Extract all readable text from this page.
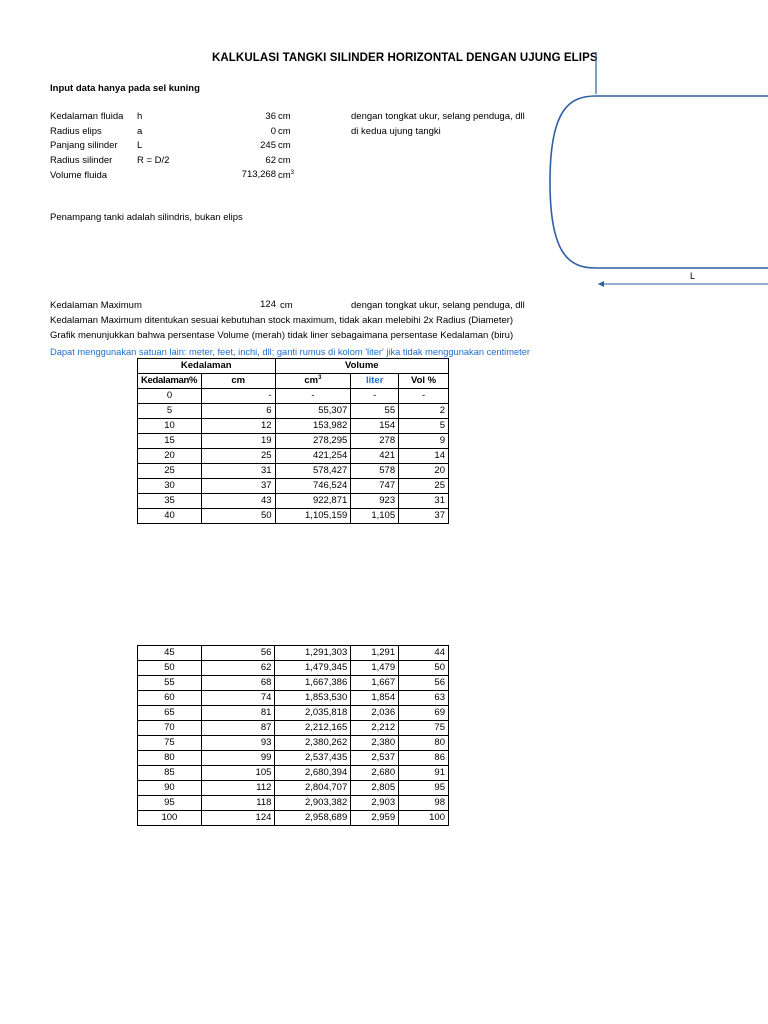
KALKULASI TANGKI SILINDER HORIZONTAL DENGAN UJUNG ELIPS
Input data hanya pada sel kuning
Kedalaman fluida h	36 cm	dengan tongkat ukur, selang penduga, dll
Radius elips	a	0 cm	di kedua ujung tangki
Panjang silinder L	245 cm
Radius silinder	R = D/2	62 cm
Volume fluida	713,268 $cm^3$
Penampang tanki adalah silindris, bukan elips
L
Kedalaman Maximum	124 cm	dengan tongkat ukur, selang penduga, dll
Kedalaman Maximum ditentukan sesuai kebutuhan stock maximum, tidak akan melebihi 2x Radius (Diameter)
Grafik menunjukkan bahwa persentase Volume (merah) tidak liner sebagaimana persentase Kedalaman (biru)
Dapat menggunakan satuan lain: meter, feet, inchi, dll; ganti rumus di kolom 'liter' jika tidak menggunakan centimeter
Kedalaman		Volume		
Kedalaman%	cm	$cm^3$	liter	Vol %
0	-	-	-	-
5	6	55,307	55	2
10	12	153,982	154	5
15	19	278,295	278	9
20	25	421,254	421	14
25	31	578,427	578	20
30	37	746,524	747	25
35	43	922,871	923	31
40	50	1,105,159	1,105	37
45	56	1,291,303	1,291	44
50	62	1,479,345	1,479	50
55	68	1,667,386	1,667	56
60	74	1,853,530	1,854	63
65	81	2,035,818	2,036	69
70	87	2,212,165	2,212	75
75	93	2,380,262	2,380	80
80	99	2,537,435	2,537	86
85	105	2,680,394	2,680	91
90	112	2,804,707	2,805	95
95	118	2,903,382	2,903	98
100	124	2,958,689	2,959	100
